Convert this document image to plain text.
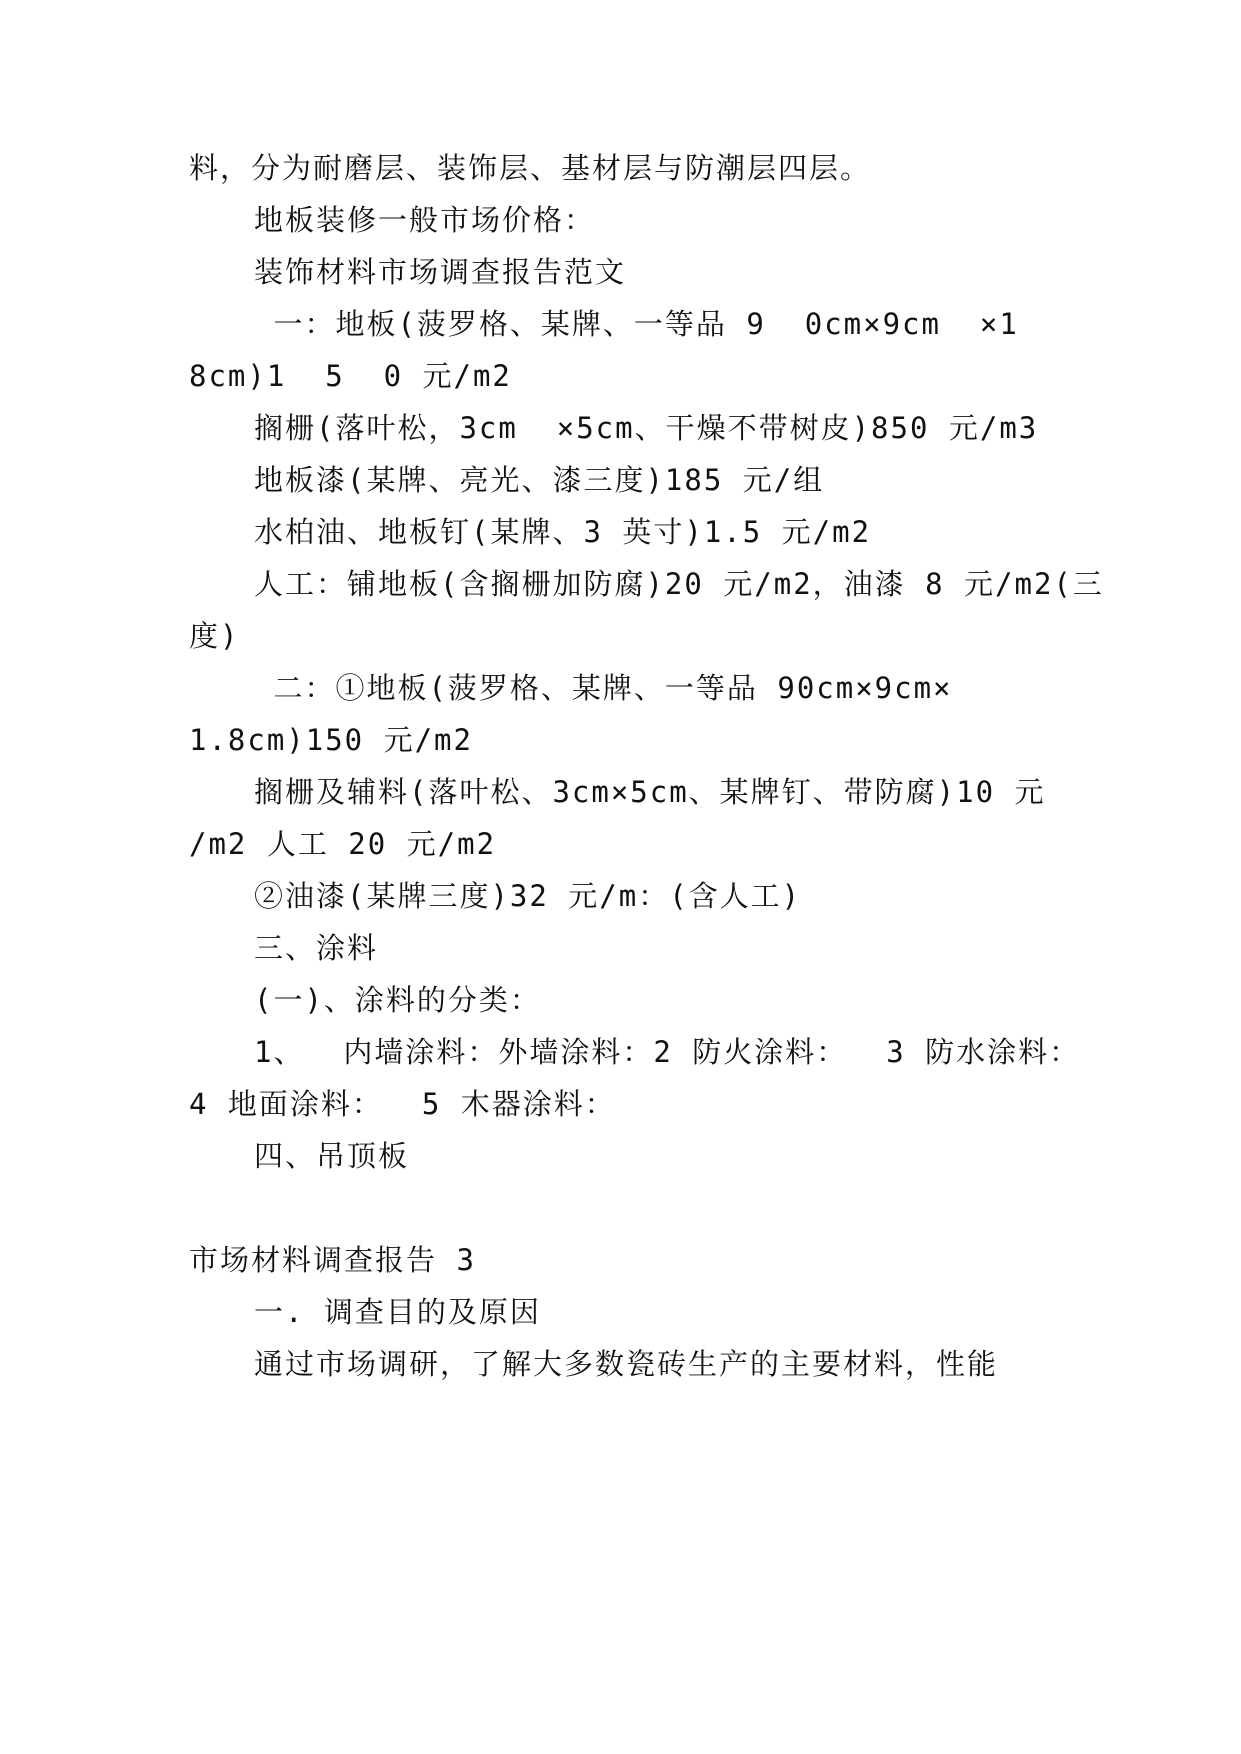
料，分为耐磨层、装饰层、基材层与防潮层四层。
地板装修一般市场价格：
装饰材料市场调查报告范文
一：地板(菠罗格、某牌、一等品 9  0cm×9cm  ×1
8cm)1  5  0 元/m2
搁栅(落叶松，3cm  ×5cm、干燥不带树皮)850 元/m3
地板漆(某牌、亮光、漆三度)185 元/组
水柏油、地板钉(某牌、3 英寸)1.5 元/m2
人工：铺地板(含搁栅加防腐)20 元/m2，油漆 8 元/m2(三
度)
二：①地板(菠罗格、某牌、一等品 90cm×9cm×
1.8cm)150 元/m2
搁栅及辅料(落叶松、3cm×5cm、某牌钉、带防腐)10 元
/m2 人工 20 元/m2
②油漆(某牌三度)32 元/m：(含人工)
三、涂料
(一)、涂料的分类：
1、  内墙涂料：外墙涂料：2 防火涂料：  3 防水涂料：
4 地面涂料：  5 木器涂料：
四、吊顶板
市场材料调查报告 3
一. 调查目的及原因
通过市场调研，了解大多数瓷砖生产的主要材料，性能
